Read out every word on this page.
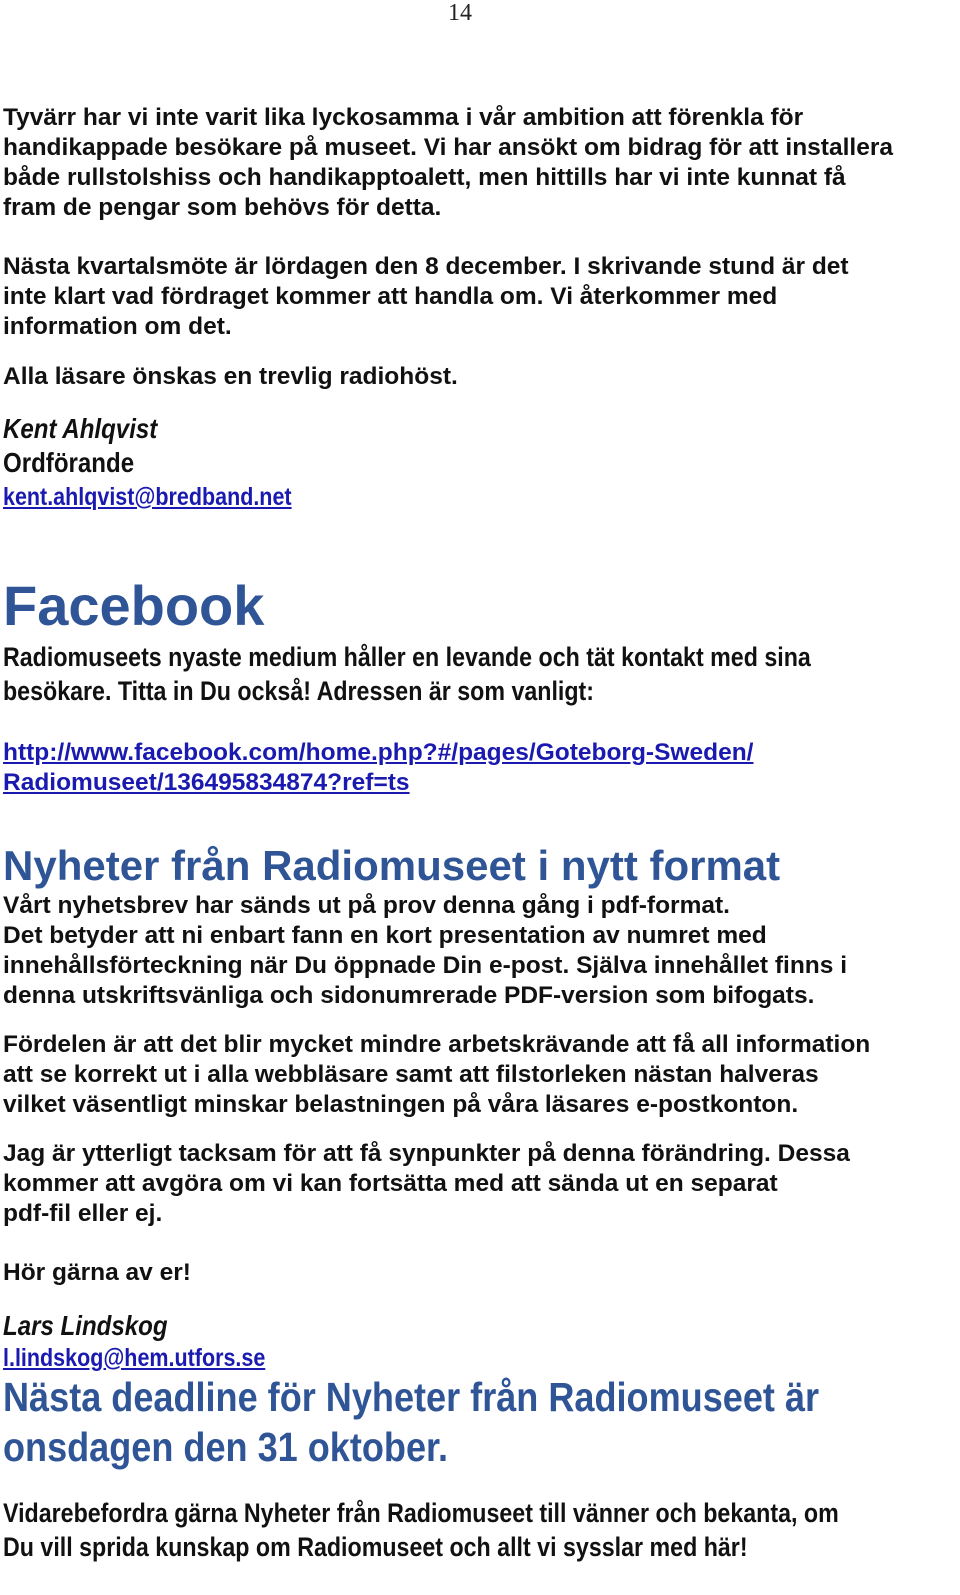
14
Tyvärr har vi inte varit lika lyckosamma i vår ambition att förenkla för
handikappade besökare på museet. Vi har ansökt om bidrag för att installera
både rullstolshiss och handikapptoalett, men hittills har vi inte kunnat få
fram de pengar som behövs för detta.
Nästa kvartalsmöte är lördagen den 8 december. I skrivande stund är det
inte klart vad fördraget kommer att handla om. Vi återkommer med
information om det.
Alla läsare önskas en trevlig radiohöst.
Kent Ahlqvist
Ordförande
kent.ahlqvist@bredband.net
Facebook
Radiomuseets nyaste medium håller en levande och tät kontakt med sina
besökare. Titta in Du också! Adressen är som vanligt:
http://www.facebook.com/home.php?#/pages/Goteborg-Sweden/
Radiomuseet/136495834874?ref=ts
Nyheter från Radiomuseet i nytt format
Vårt nyhetsbrev har sänds ut på prov denna gång i pdf-format.
Det betyder att ni enbart fann en kort presentation av numret med
innehållsförteckning när Du öppnade Din e-post. Själva innehållet finns i
denna utskriftsvänliga och sidonumrerade PDF-version som bifogats.
Fördelen är att det blir mycket mindre arbetskrävande att få all information
att se korrekt ut i alla webbläsare samt att filstorleken nästan halveras
vilket väsentligt minskar belastningen på våra läsares e-postkonton.
Jag är ytterligt tacksam för att få synpunkter på denna förändring. Dessa
kommer att avgöra om vi kan fortsätta med att sända ut en separat
pdf-fil eller ej.
Hör gärna av er!
Lars Lindskog
l.lindskog@hem.utfors.se
Nästa deadline för Nyheter från Radiomuseet är
onsdagen den 31 oktober.
Vidarebefordra gärna Nyheter från Radiomuseet till vänner och bekanta, om
Du vill sprida kunskap om Radiomuseet och allt vi sysslar med här!
